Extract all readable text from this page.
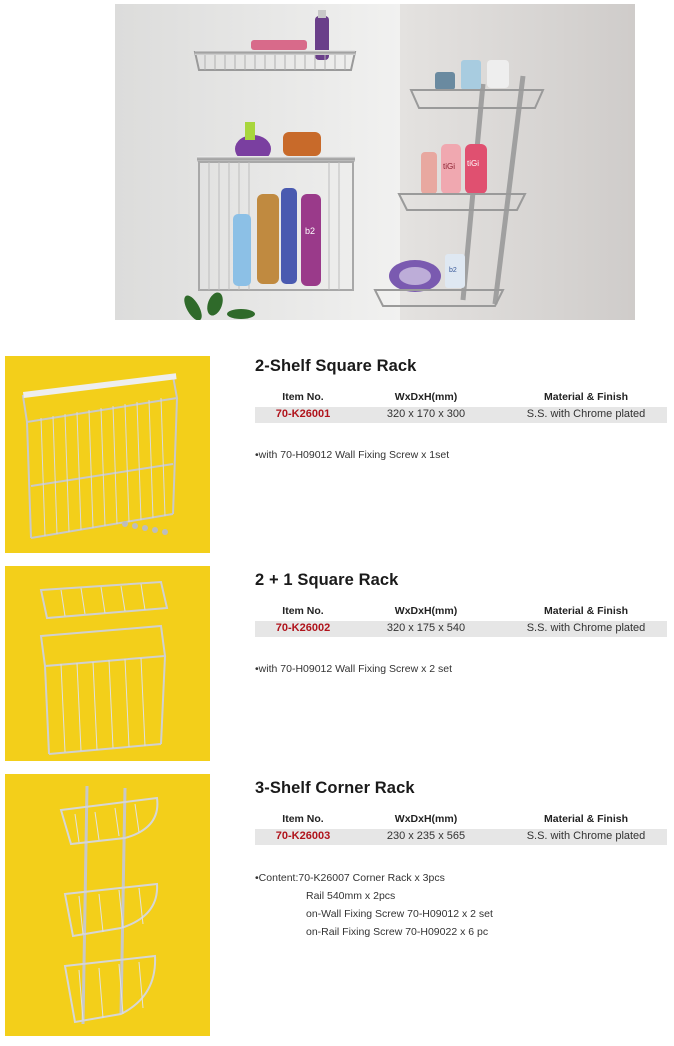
b2
tiGi tiGi
b2
2-Shelf Square Rack
Item No.	WxDxH(mm)	Material & Finish
70-K26001	320 x 170 x 300	S.S. with Chrome plated
•with 70-H09012 Wall Fixing Screw x 1set
2 + 1 Square Rack
Item No.	WxDxH(mm)	Material & Finish
70-K26002	320 x 175 x 540	S.S. with Chrome plated
•with 70-H09012 Wall Fixing Screw x 2 set
3-Shelf Corner Rack
Item No.	WxDxH(mm)	Material & Finish
70-K26003	230 x 235 x 565	S.S. with Chrome plated
•Content:70-K26007 Corner Rack x 3pcs
Rail 540mm x 2pcs
on-Wall Fixing Screw 70-H09012 x 2 set
on-Rail Fixing Screw 70-H09022 x 6 pc
